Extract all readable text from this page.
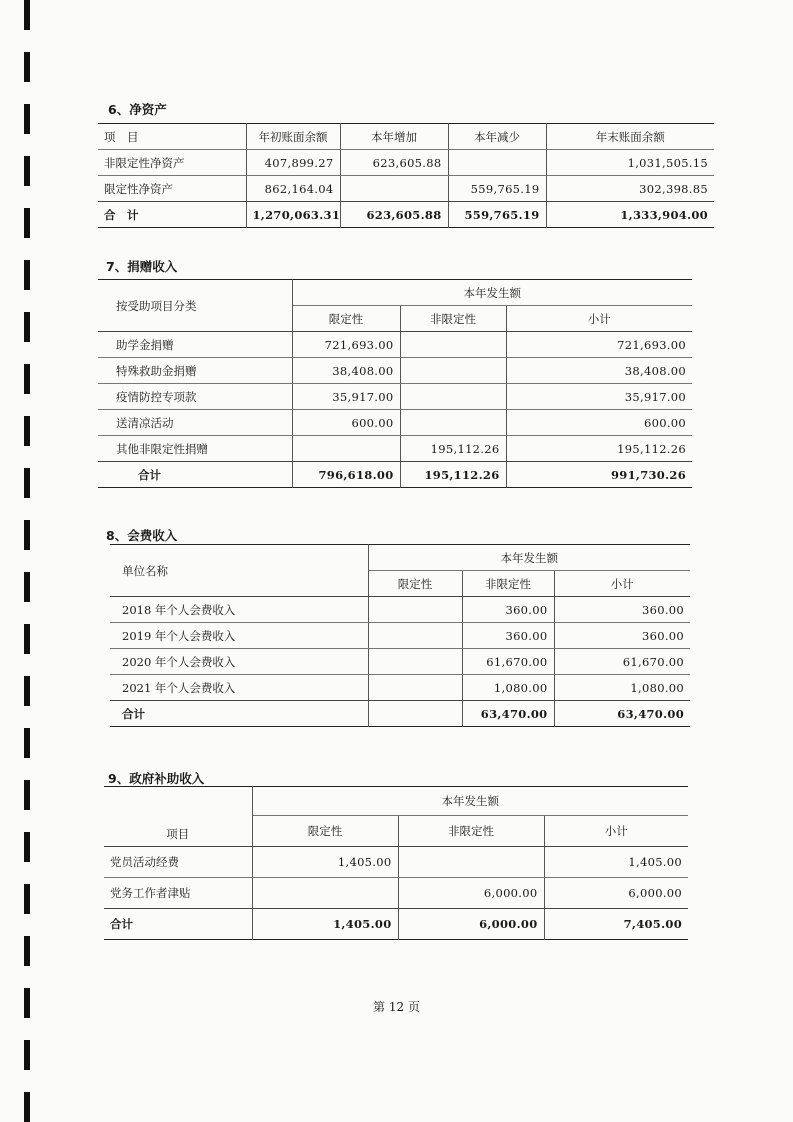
6、净资产
项　目	年初账面余额	本年增加	本年减少	年末账面余额
非限定性净资产	407,899.27	623,605.88		1,031,505.15
限定性净资产	862,164.04		559,765.19	302,398.85
合　计	1,270,063.31	623,605.88	559,765.19	1,333,904.00
7、捐赠收入
按受助项目分类	本年发生额		
	限定性	非限定性	小计
助学金捐赠	721,693.00		721,693.00
特殊救助金捐赠	38,408.00		38,408.00
疫情防控专项款	35,917.00		35,917.00
送清凉活动	600.00		600.00
其他非限定性捐赠		195,112.26	195,112.26
合计	796,618.00	195,112.26	991,730.26
8、会费收入
单位名称	本年发生额		
	限定性	非限定性	小计
2018 年个人会费收入		360.00	360.00
2019 年个人会费收入		360.00	360.00
2020 年个人会费收入		61,670.00	61,670.00
2021 年个人会费收入		1,080.00	1,080.00
合计		63,470.00	63,470.00
9、政府补助收入
项目	本年发生额		
	限定性	非限定性	小计
党员活动经费	1,405.00		1,405.00
党务工作者津贴		6,000.00	6,000.00
合计	1,405.00	6,000.00	7,405.00
第 12 页
